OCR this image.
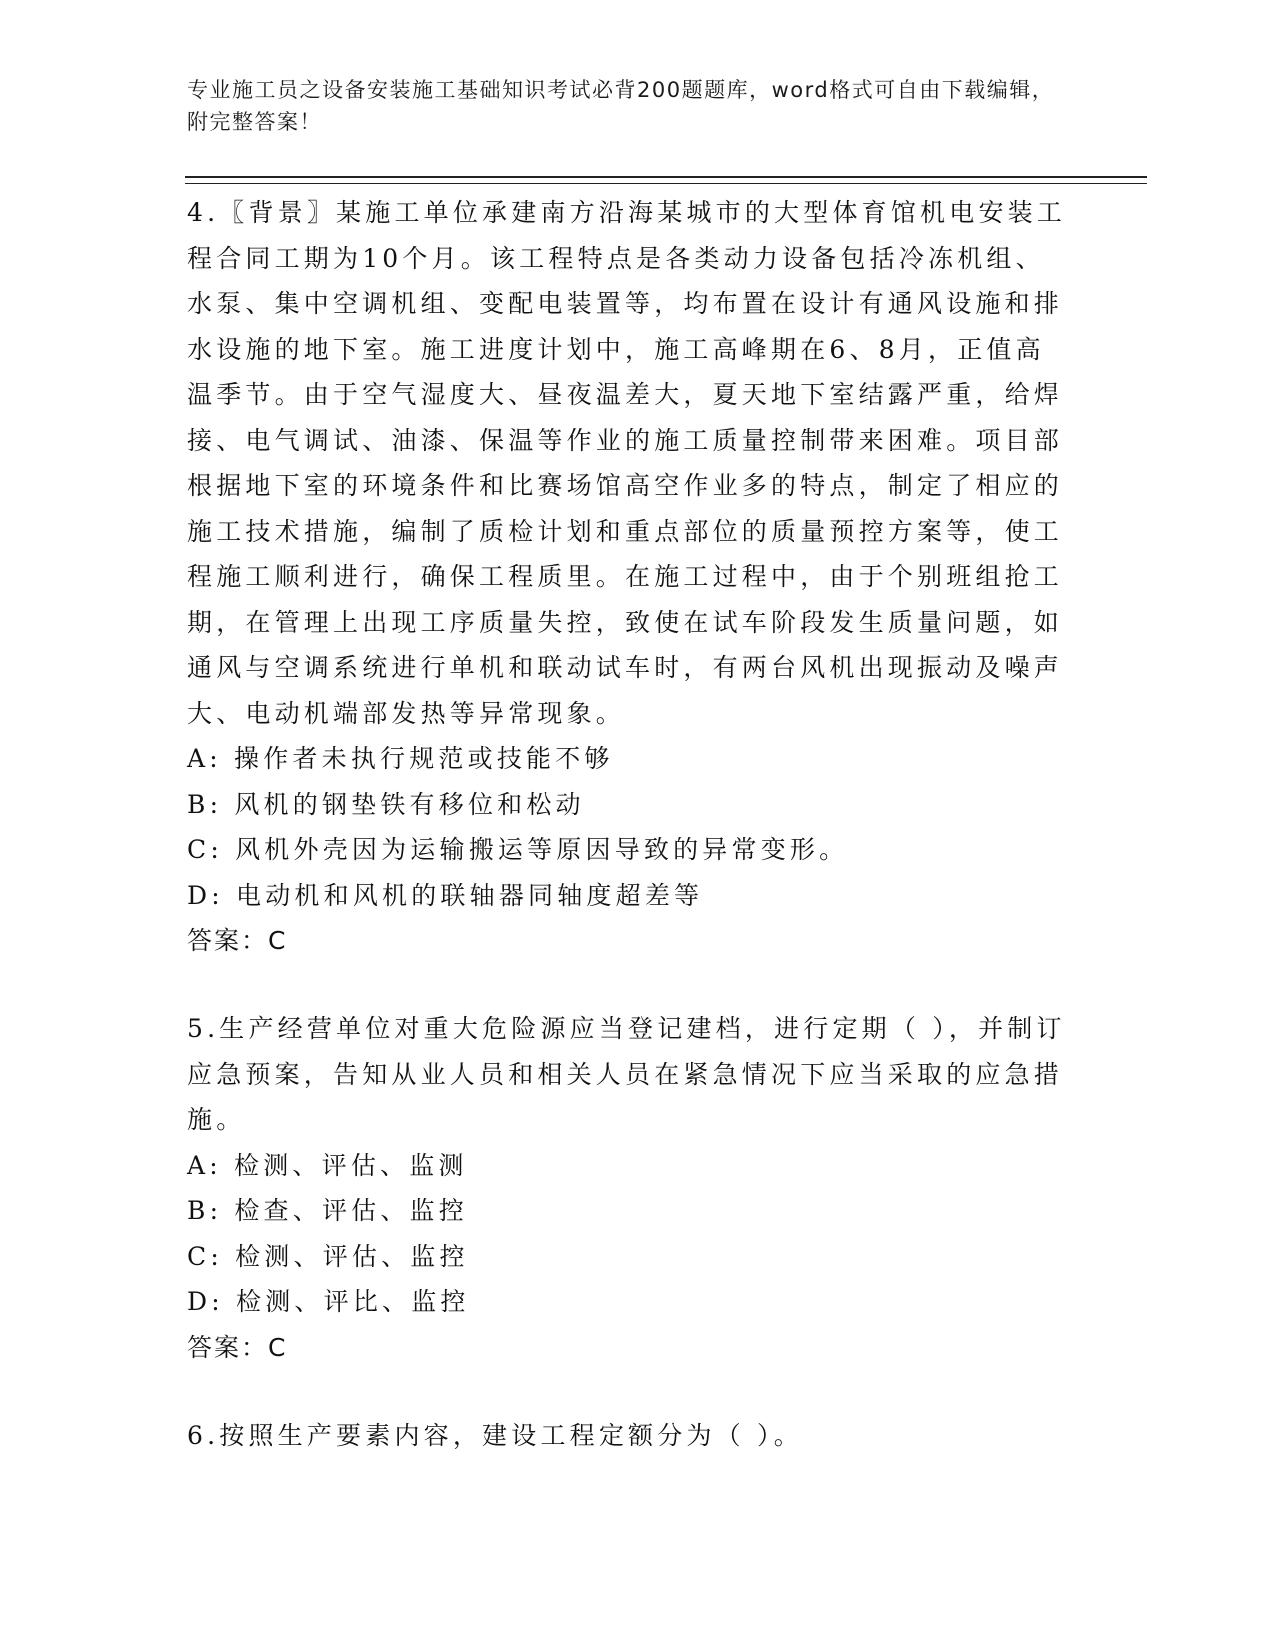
专业施工员之设备安装施工基础知识考试必背200题题库，word格式可自由下载编辑，附完整答案！

4.〖背景〗某施工单位承建南方沿海某城市的大型体育馆机电安装工程合同工期为10个月。该工程特点是各类动力设备包括冷冻机组、水泵、集中空调机组、变配电装置等，均布置在设计有通风设施和排水设施的地下室。施工进度计划中，施工高峰期在6、8月，正值高温季节。由于空气湿度大、昼夜温差大，夏天地下室结露严重，给焊接、电气调试、油漆、保温等作业的施工质量控制带来困难。项目部根据地下室的环境条件和比赛场馆高空作业多的特点，制定了相应的施工技术措施，编制了质检计划和重点部位的质量预控方案等，使工程施工顺利进行，确保工程质里。在施工过程中，由于个别班组抢工期，在管理上出现工序质量失控，致使在试车阶段发生质量问题，如通风与空调系统进行单机和联动试车时，有两台风机出现振动及噪声大、电动机端部发热等异常现象。

A: 操作者未执行规范或技能不够

B: 风机的钢垫铁有移位和松动

C: 风机外壳因为运输搬运等原因导致的异常变形。

D: 电动机和风机的联轴器同轴度超差等

答案：C

5.生产经营单位对重大危险源应当登记建档，进行定期（ ），并制订应急预案，告知从业人员和相关人员在紧急情况下应当采取的应急措施。

A: 检测、评估、监测

B: 检查、评估、监控

C: 检测、评估、监控

D: 检测、评比、监控

答案：C

6.按照生产要素内容，建设工程定额分为（ ）。
